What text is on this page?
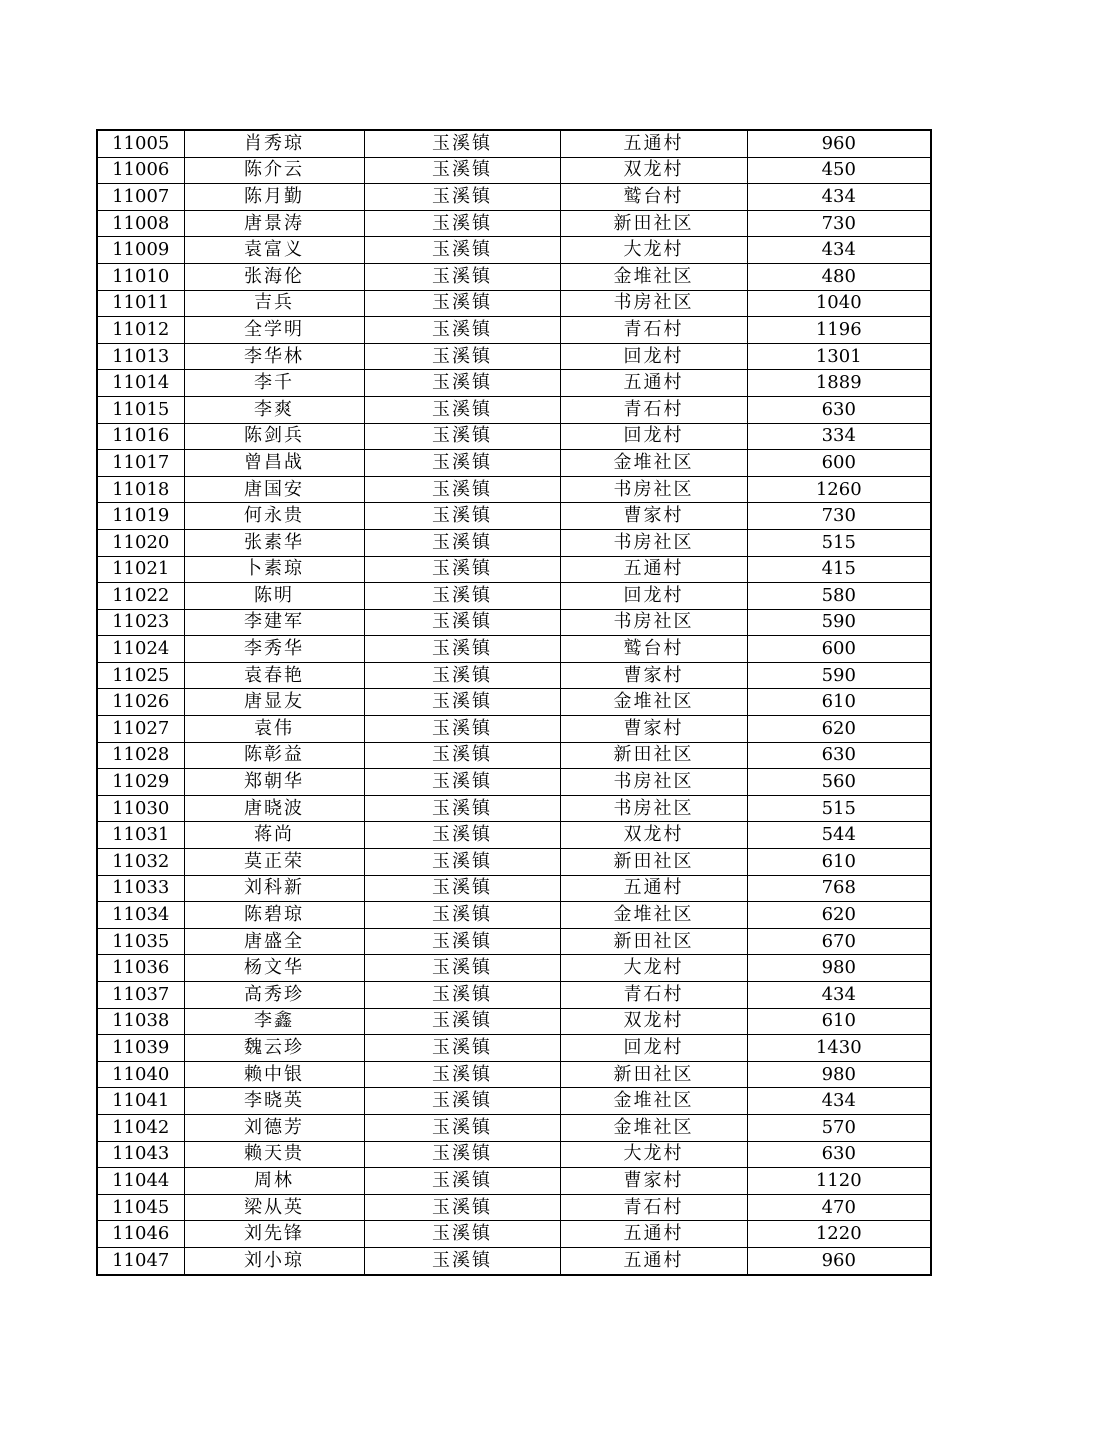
11005	肖秀琼	玉溪镇	五通村	960
11006	陈介云	玉溪镇	双龙村	450
11007	陈月勤	玉溪镇	鹫台村	434
11008	唐景涛	玉溪镇	新田社区	730
11009	袁富义	玉溪镇	大龙村	434
11010	张海伦	玉溪镇	金堆社区	480
11011	吉兵	玉溪镇	书房社区	1040
11012	全学明	玉溪镇	青石村	1196
11013	李华林	玉溪镇	回龙村	1301
11014	李千	玉溪镇	五通村	1889
11015	李爽	玉溪镇	青石村	630
11016	陈剑兵	玉溪镇	回龙村	334
11017	曾昌战	玉溪镇	金堆社区	600
11018	唐国安	玉溪镇	书房社区	1260
11019	何永贵	玉溪镇	曹家村	730
11020	张素华	玉溪镇	书房社区	515
11021	卜素琼	玉溪镇	五通村	415
11022	陈明	玉溪镇	回龙村	580
11023	李建军	玉溪镇	书房社区	590
11024	李秀华	玉溪镇	鹫台村	600
11025	袁春艳	玉溪镇	曹家村	590
11026	唐显友	玉溪镇	金堆社区	610
11027	袁伟	玉溪镇	曹家村	620
11028	陈彰益	玉溪镇	新田社区	630
11029	郑朝华	玉溪镇	书房社区	560
11030	唐晓波	玉溪镇	书房社区	515
11031	蒋尚	玉溪镇	双龙村	544
11032	莫正荣	玉溪镇	新田社区	610
11033	刘科新	玉溪镇	五通村	768
11034	陈碧琼	玉溪镇	金堆社区	620
11035	唐盛全	玉溪镇	新田社区	670
11036	杨文华	玉溪镇	大龙村	980
11037	高秀珍	玉溪镇	青石村	434
11038	李鑫	玉溪镇	双龙村	610
11039	魏云珍	玉溪镇	回龙村	1430
11040	赖中银	玉溪镇	新田社区	980
11041	李晓英	玉溪镇	金堆社区	434
11042	刘德芳	玉溪镇	金堆社区	570
11043	赖天贵	玉溪镇	大龙村	630
11044	周林	玉溪镇	曹家村	1120
11045	梁从英	玉溪镇	青石村	470
11046	刘先锋	玉溪镇	五通村	1220
11047	刘小琼	玉溪镇	五通村	960
